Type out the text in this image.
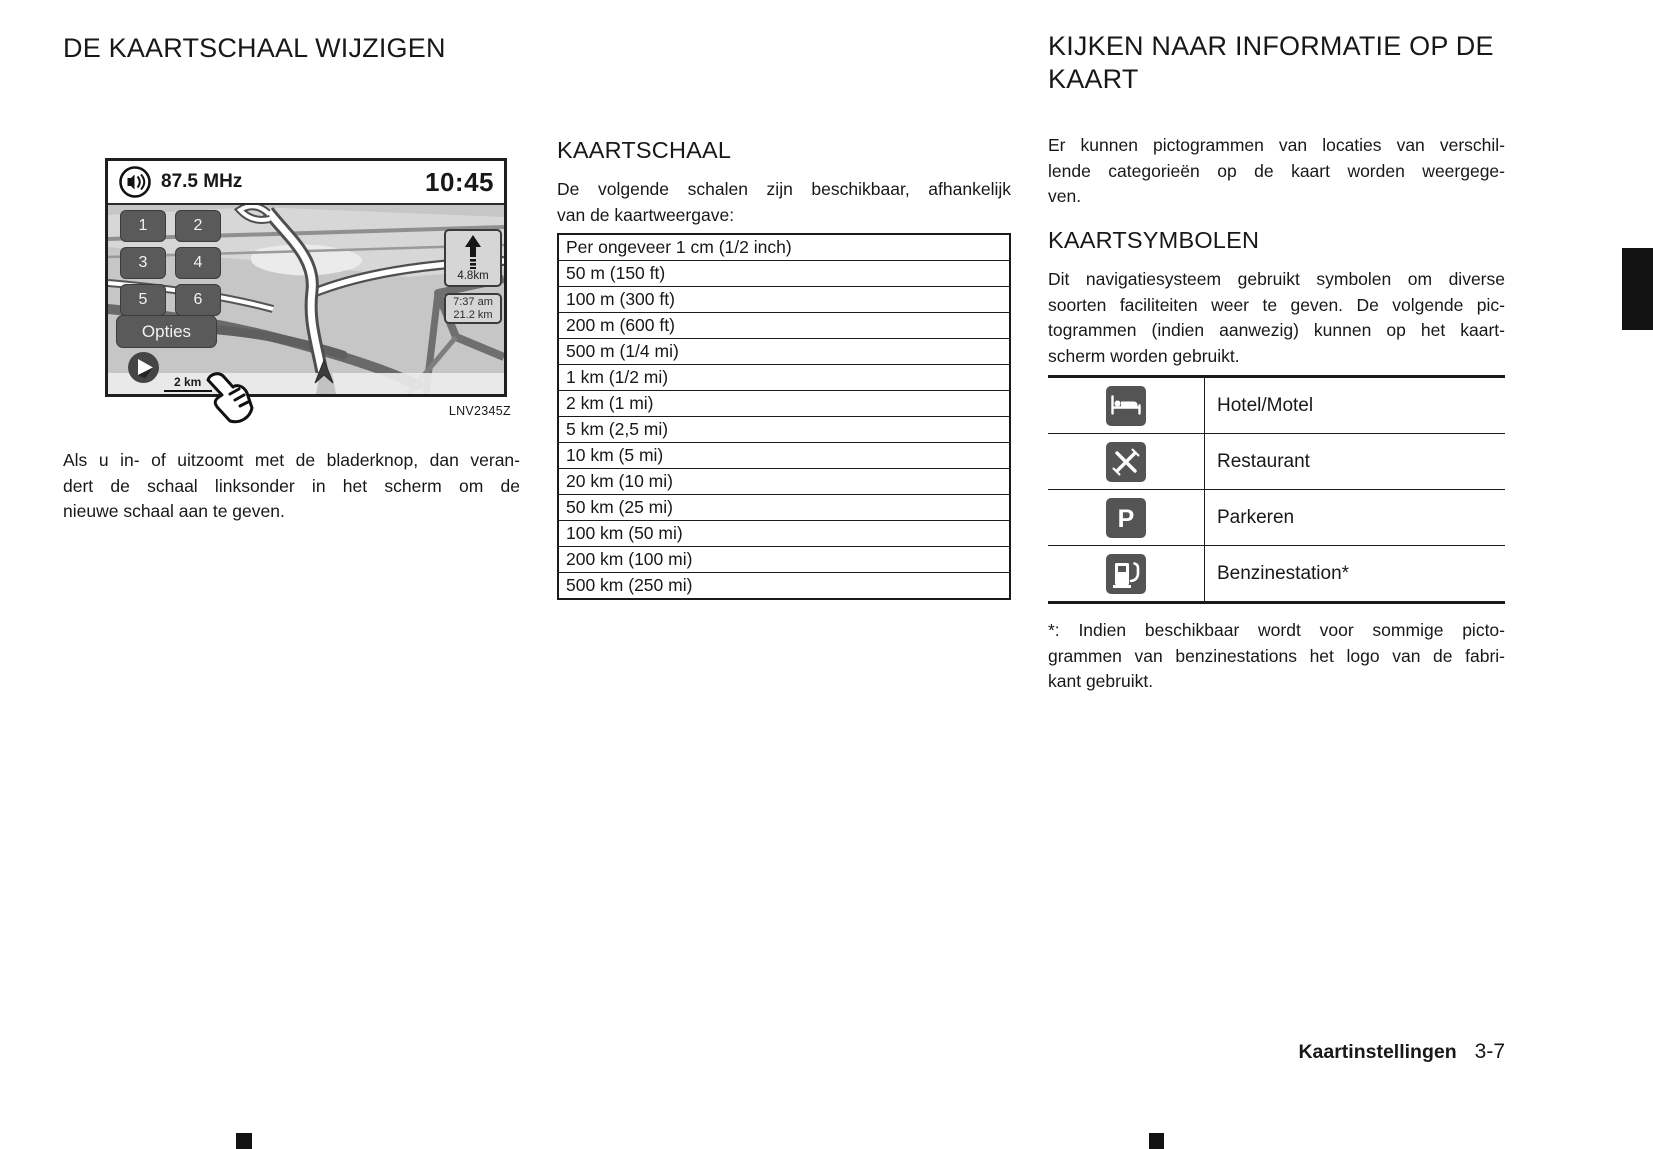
DE KAARTSCHAAL WIJZIGEN
87.5 MHz	10:45
1	2
3	4
5	6
Opties
2 km
4.8km
7:37 am
21.2 km
LNV2345Z
Als u in- of uitzoomt met de bladerknop, dan veran-
dert de schaal linksonder in het scherm om de
nieuwe schaal aan te geven.
KAARTSCHAAL
De volgende schalen zijn beschikbaar, afhankelijk
van de kaartweergave:
Per ongeveer 1 cm (1/2 inch)
50 m (150 ft)
100 m (300 ft)
200 m (600 ft)
500 m (1/4 mi)
1 km (1/2 mi)
2 km (1 mi)
5 km (2,5 mi)
10 km (5 mi)
20 km (10 mi)
50 km (25 mi)
100 km (50 mi)
200 km (100 mi)
500 km (250 mi)
KIJKEN NAAR INFORMATIE OP DE
KAART
Er kunnen pictogrammen van locaties van verschil-
lende categorieën op de kaart worden weergege-
ven.
KAARTSYMBOLEN
Dit navigatiesysteem gebruikt symbolen om diverse
soorten faciliteiten weer te geven. De volgende pic-
togrammen (indien aanwezig) kunnen op het kaart-
scherm worden gebruikt.
Hotel/Motel
Restaurant
P	Parkeren
Benzinestation*
*: Indien beschikbaar wordt voor sommige picto-
grammen van benzinestations het logo van de fabri-
kant gebruikt.
Kaartinstellingen 3-7
